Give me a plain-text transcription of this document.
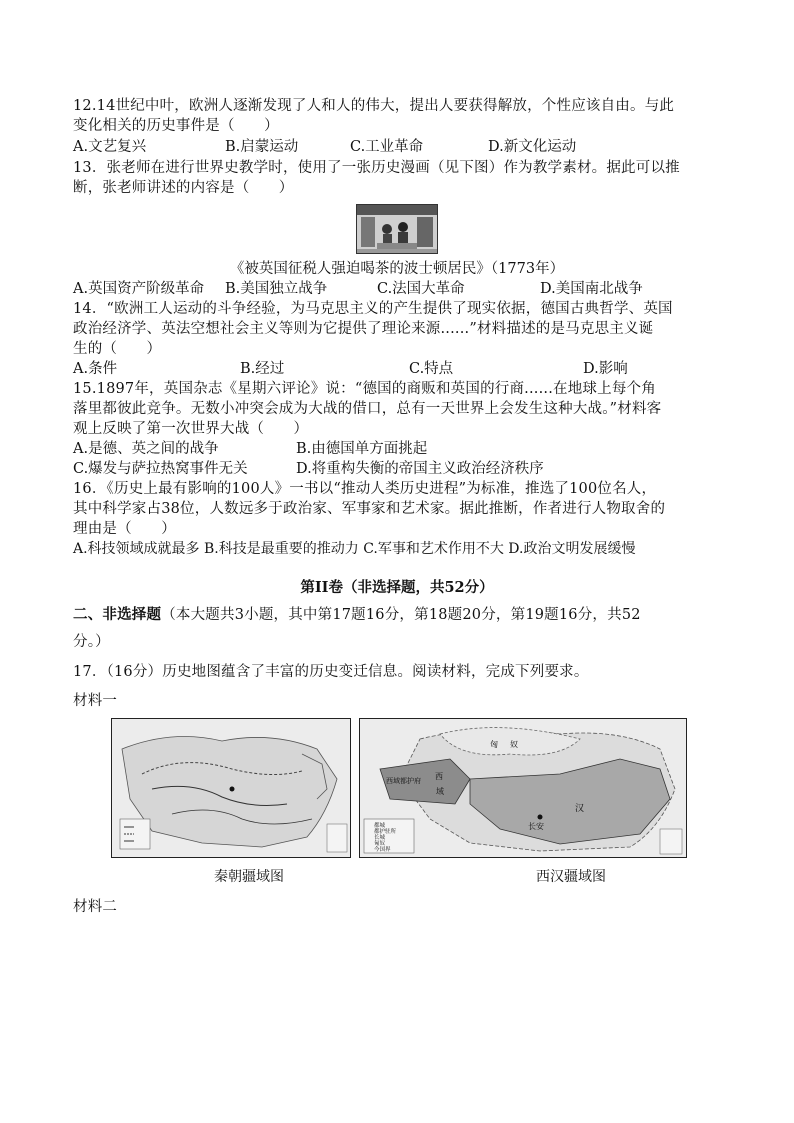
12.14世纪中叶，欧洲人逐渐发现了人和人的伟大，提出人要获得解放，个性应该自由。与此
变化相关的历史事件是（　　）
A.文艺复兴	B.启蒙运动	C.工业革命	D.新文化运动
13．张老师在进行世界史教学时，使用了一张历史漫画（见下图）作为教学素材。据此可以推
断，张老师讲述的内容是（　　）
《被英国征税人强迫喝茶的波士顿居民》（1773年）
A.英国资产阶级革命 B.美国独立战争	C.法国大革命	D.美国南北战争
14．“欧洲工人运动的斗争经验，为马克思主义的产生提供了现实依据，德国古典哲学、英国
政治经济学、英法空想社会主义等则为它提供了理论来源......”材料描述的是马克思主义诞
生的（　　）
A.条件	B.经过	C.特点	D.影响
15.1897年，英国杂志《星期六评论》说：“德国的商贩和英国的行商......在地球上每个角
落里都彼此竞争。无数小冲突会成为大战的借口，总有一天世界上会发生这种大战。”材料客
观上反映了第一次世界大战（　　）
A.是德、英之间的战争	B.由德国单方面挑起
C.爆发与萨拉热窝事件无关	D.将重构失衡的帝国主义政治经济秩序
16．《历史上最有影响的100人》一书以“推动人类历史进程”为标准，推选了100位名人，
其中科学家占38位，人数远多于政治家、军事家和艺术家。据此推断，作者进行人物取舍的
理由是（　　）
A.科技领域成就最多 B.科技是最重要的推动力 C.军事和艺术作用不大 D.政治文明发展缓慢
第II卷（非选择题，共52分）
二、非选择题（本大题共3小题，其中第17题16分，第18题20分，第19题16分，共52
分。）
17．（16分）历史地图蕴含了丰富的历史变迁信息。阅读材料，完成下列要求。
材料一
西域都护府 西
域
匈 奴
长安
汉
都城
都护驻所
长城
匈奴
今国界
秦朝疆域图	西汉疆域图
材料二
